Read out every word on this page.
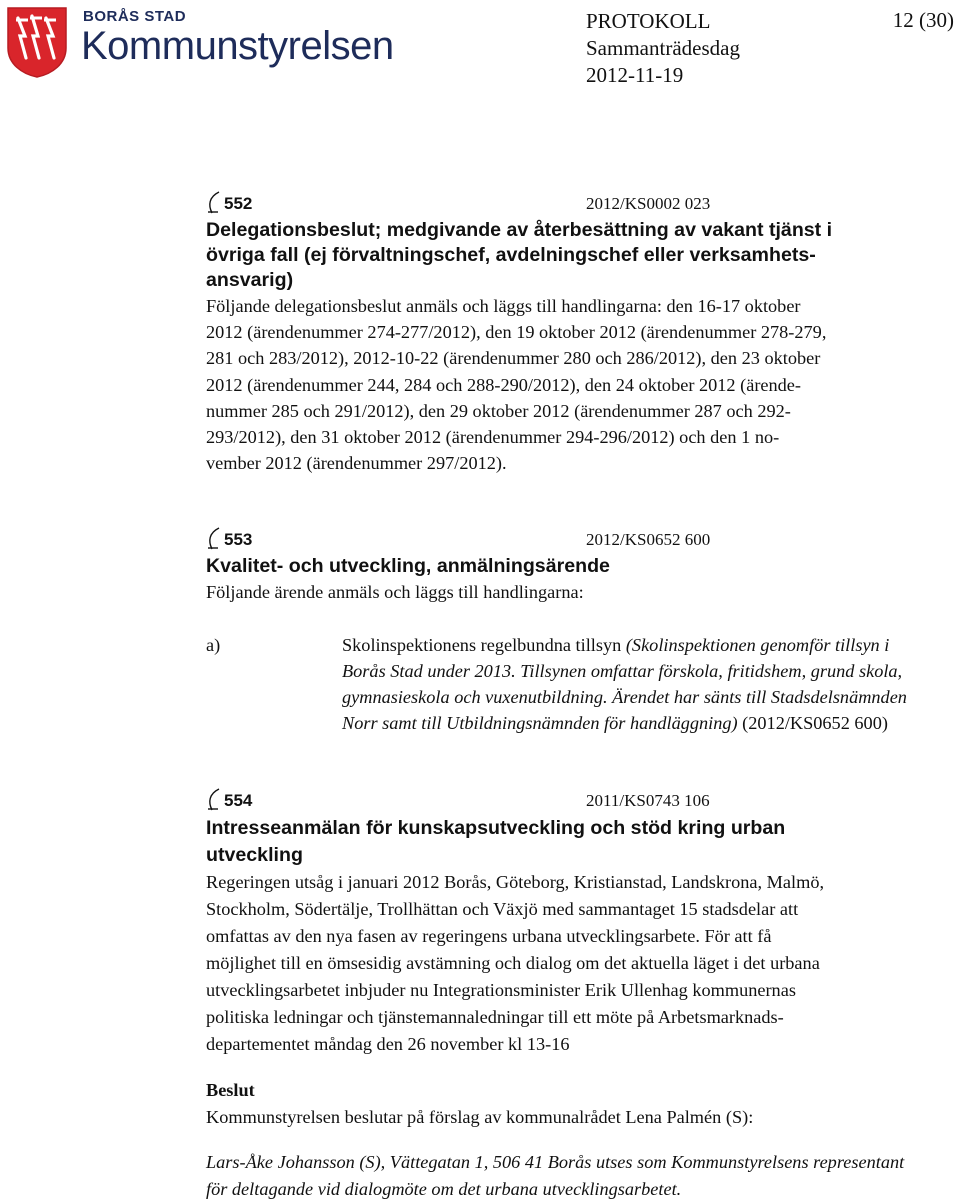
BORÅS STAD
Kommunstyrelsen
PROTOKOLL
Sammanträdesdag
2012-11-19
12 (30)
552	2012/KS0002 023
Delegationsbeslut; medgivande av återbesättning av vakant tjänst i
övriga fall (ej förvaltningschef, avdelningschef eller verksamhets-
ansvarig)
Följande delegationsbeslut anmäls och läggs till handlingarna: den 16-17 oktober
2012 (ärendenummer 274-277/2012), den 19 oktober 2012 (ärendenummer 278-279,
281 och 283/2012), 2012-10-22 (ärendenummer 280 och 286/2012), den 23 oktober
2012 (ärendenummer 244, 284 och 288-290/2012), den 24 oktober 2012 (ärende-
nummer 285 och 291/2012), den 29 oktober 2012 (ärendenummer 287 och 292-
293/2012), den 31 oktober 2012 (ärendenummer 294-296/2012) och den 1 no-
vember 2012 (ärendenummer 297/2012).
553	2012/KS0652 600
Kvalitet- och utveckling, anmälningsärende
Följande ärende anmäls och läggs till handlingarna:
a)	Skolinspektionens regelbundna tillsyn (Skolinspektionen genomför tillsyn i
Borås Stad under 2013. Tillsynen omfattar förskola, fritidshem, grund skola,
gymnasieskola och vuxenutbildning. Ärendet har sänts till Stadsdelsnämnden
Norr samt till Utbildningsnämnden för handläggning) (2012/KS0652 600)
554	2011/KS0743 106
Intresseanmälan för kunskapsutveckling och stöd kring urban
utveckling
Regeringen utsåg i januari 2012 Borås, Göteborg, Kristianstad, Landskrona, Malmö,
Stockholm, Södertälje, Trollhättan och Växjö med sammantaget 15 stadsdelar att
omfattas av den nya fasen av regeringens urbana utvecklingsarbete. För att få
möjlighet till en ömsesidig avstämning och dialog om det aktuella läget i det urbana
utvecklingsarbetet inbjuder nu Integrationsminister Erik Ullenhag kommunernas
politiska ledningar och tjänstemannaledningar till ett möte på Arbetsmarknads-
departementet måndag den 26 november kl 13-16
Beslut
Kommunstyrelsen beslutar på förslag av kommunalrådet Lena Palmén (S):
Lars-Åke Johansson (S), Vättegatan 1, 506 41 Borås utses som Kommunstyrelsens representant
för deltagande vid dialogmöte om det urbana utvecklingsarbetet.
